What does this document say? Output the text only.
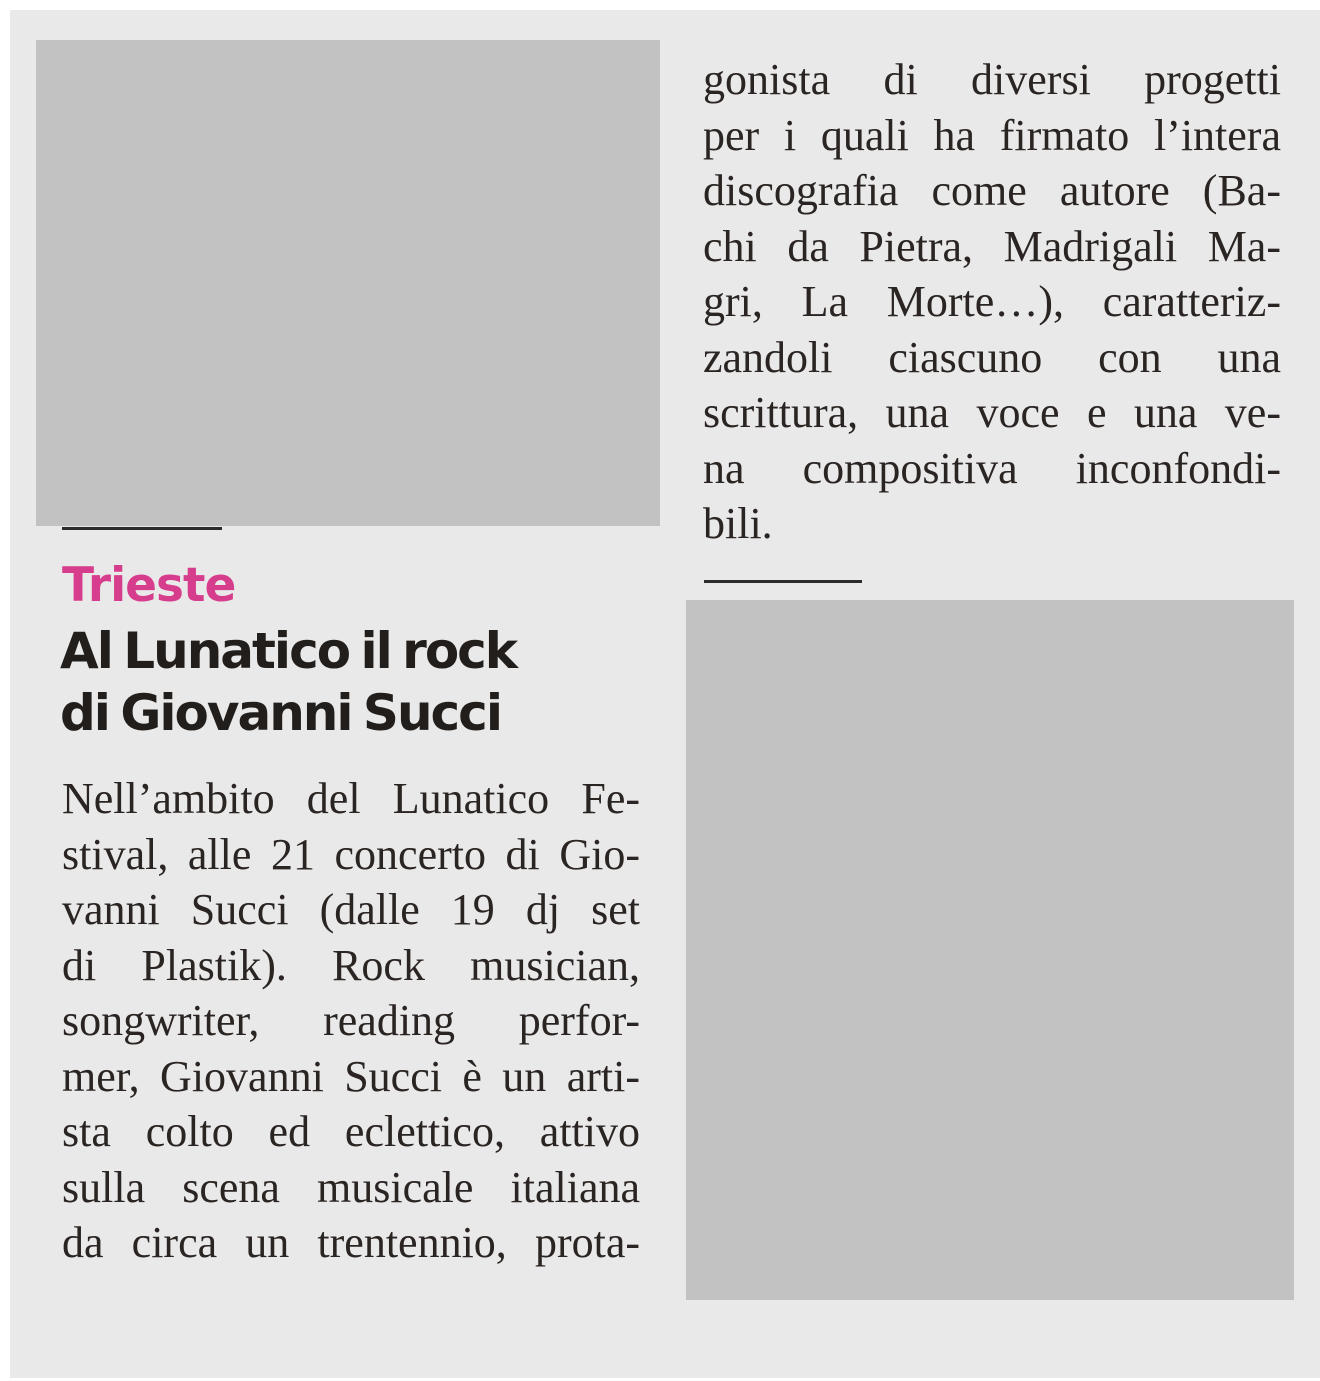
Trieste
Al Lunatico il rock
di Giovanni Succi
Nell’ambito del Lunatico Fe-
stival, alle 21 concerto di Gio-
vanni Succi (dalle 19 dj set
di Plastik). Rock musician,
songwriter, reading perfor-
mer, Giovanni Succi è un arti-
sta colto ed eclettico, attivo
sulla scena musicale italiana
da circa un trentennio, prota-
gonista di diversi progetti
per i quali ha firmato l’intera
discografia come autore (Ba-
chi da Pietra, Madrigali Ma-
gri, La Morte…), caratteriz-
zandoli ciascuno con una
scrittura, una voce e una ve-
na compositiva inconfondi-
bili.
